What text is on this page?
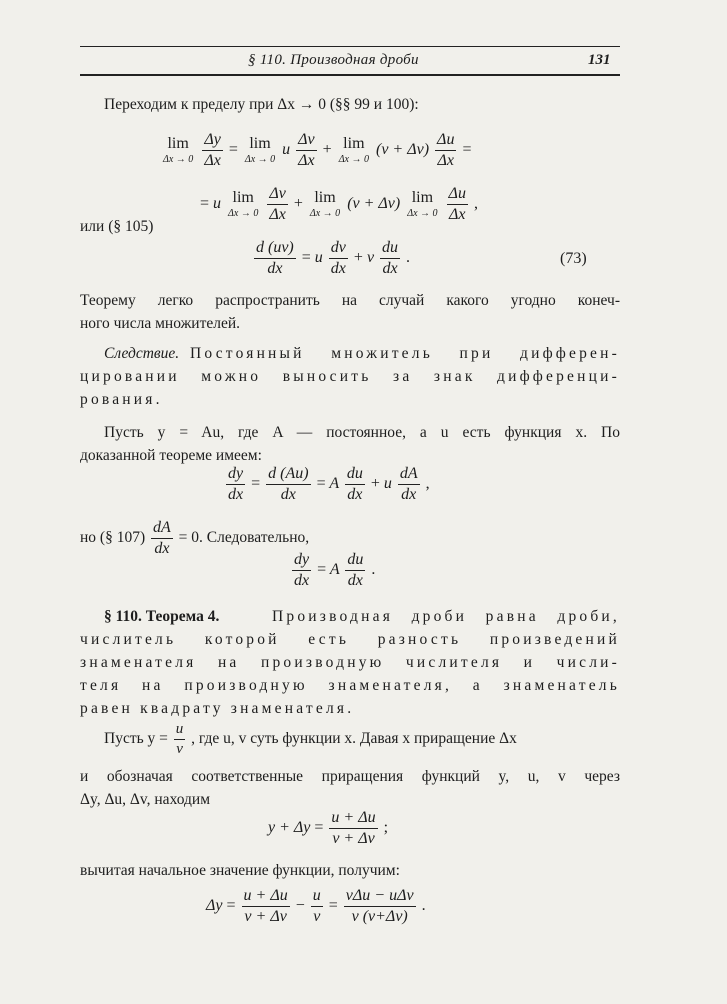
§ 110. Производная дроби	131
Переходим к пределу при Δx → 0 (§§ 99 и 100):
lim
Δx → 0
$\frac{\Delta y}{\Delta x} = \lim$
Δx → 0
u $\frac{\Delta v}{\Delta x} + \lim$
Δx → 0
$(v + \Delta v) \frac{\Delta u}{\Delta x}$ =
= u lim
Δx → 0
$\frac{\Delta v}{\Delta x} + \lim$
Δx → 0
(v + Δv) lim
Δx → 0
$\frac{\Delta u}{\Delta x}$ ,
или (§ 105)
$\frac{d (uv)}{dx} = u \frac{dv}{dx} + v \frac{du}{dx}$ .	(73)
Теорему легко распространить на случай какого угодно конеч-
ного числа множителей.
Следствие. Постоянный множитель при дифферен-
цировании можно выносить за знак дифференци-
рования.
Пусть y = Au, где A — постоянное, а u есть функция x. По
доказанной теореме имеем:
$\frac{dy}{dx} = \frac{d (Au)}{dx} = A \frac{du}{dx} + u \frac{dA}{dx}$ ,
но (§ $107) \frac{dA}{dx} = 0$. Следовательно,
$\frac{dy}{dx} = A \frac{du}{dx}$ .
§ 110. Теорема 4.	Производная дроби равна дроби,
числитель которой есть разность произведений
знаменателя на производную числителя и числи-
теля на производную знаменателя, а знаменатель
равен квадрату знаменателя.
Пусть $y = \frac{u}{v}$ , где u, v суть функции x. Давая x приращение Δx
и обозначая соответственные приращения функций y, u, v через
Δy, Δu, Δv, находим
$y + \Delta y = \frac{u + \Delta u}{v + \Delta v}$ ;
вычитая начальное значение функции, получим:
$\Delta y = \frac{u + \Delta u}{v + \Delta v} - \frac{u}{v} = \frac{\text{vΔu − uΔv}}{v (v+\Delta v)}$ .
